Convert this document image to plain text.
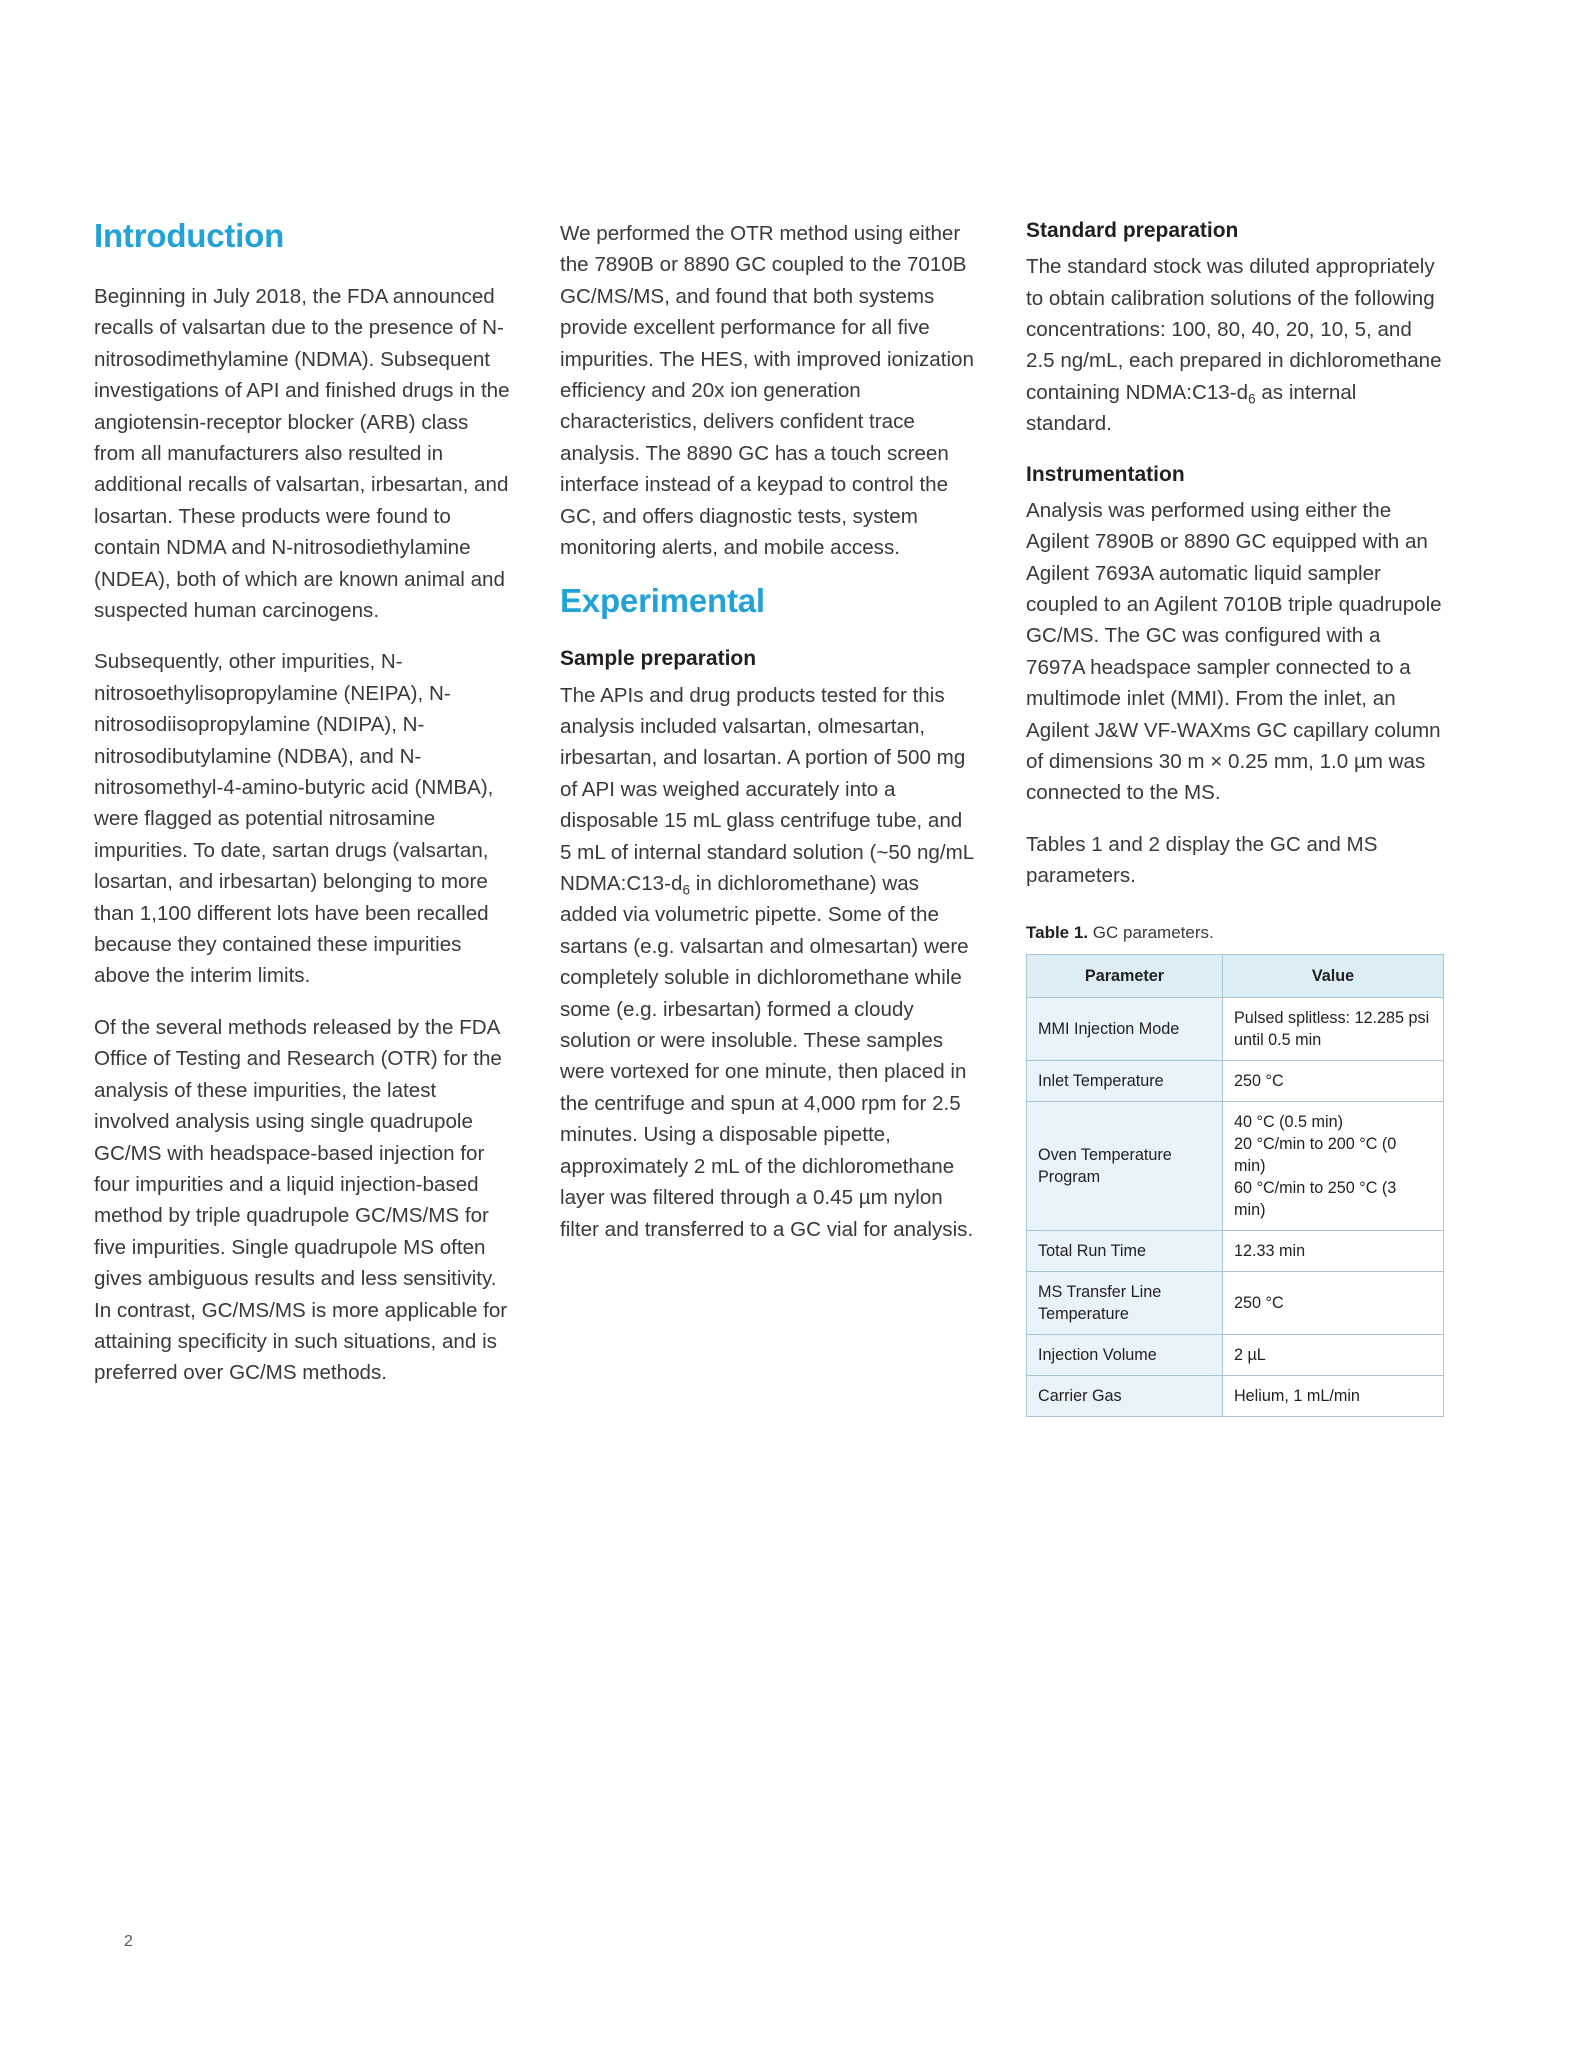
Introduction

Beginning in July 2018, the FDA announced recalls of valsartan due to the presence of N-nitrosodimethylamine (NDMA). Subsequent investigations of API and finished drugs in the angiotensin-receptor blocker (ARB) class from all manufacturers also resulted in additional recalls of valsartan, irbesartan, and losartan. These products were found to contain NDMA and N-nitrosodiethylamine (NDEA), both of which are known animal and suspected human carcinogens.

Subsequently, other impurities, N-nitrosoethylisopropylamine (NEIPA), N-nitrosodiisopropylamine (NDIPA), N-nitrosodibutylamine (NDBA), and N-nitrosomethyl-4-amino-butyric acid (NMBA), were flagged as potential nitrosamine impurities. To date, sartan drugs (valsartan, losartan, and irbesartan) belonging to more than 1,100 different lots have been recalled because they contained these impurities above the interim limits.

Of the several methods released by the FDA Office of Testing and Research (OTR) for the analysis of these impurities, the latest involved analysis using single quadrupole GC/MS with headspace-based injection for four impurities and a liquid injection-based method by triple quadrupole GC/MS/MS for five impurities. Single quadrupole MS often gives ambiguous results and less sensitivity. In contrast, GC/MS/MS is more applicable for attaining specificity in such situations, and is preferred over GC/MS methods.

We performed the OTR method using either the 7890B or 8890 GC coupled to the 7010B GC/MS/MS, and found that both systems provide excellent performance for all five impurities. The HES, with improved ionization efficiency and 20x ion generation characteristics, delivers confident trace analysis. The 8890 GC has a touch screen interface instead of a keypad to control the GC, and offers diagnostic tests, system monitoring alerts, and mobile access.

Experimental
Sample preparation

The APIs and drug products tested for this analysis included valsartan, olmesartan, irbesartan, and losartan. A portion of 500 mg of API was weighed accurately into a disposable 15 mL glass centrifuge tube, and 5 mL of internal standard solution (~50 ng/mL $NDMA:C13-d_6$ in dichloromethane) was added via volumetric pipette. Some of the sartans (e.g. valsartan and olmesartan) were completely soluble in dichloromethane while some (e.g. irbesartan) formed a cloudy solution or were insoluble. These samples were vortexed for one minute, then placed in the centrifuge and spun at 4,000 rpm for 2.5 minutes. Using a disposable pipette, approximately 2 mL of the dichloromethane layer was filtered through a 0.45 µm nylon filter and transferred to a GC vial for analysis.

Standard preparation

The standard stock was diluted appropriately to obtain calibration solutions of the following concentrations: 100, 80, 40, 20, 10, 5, and 2.5 ng/mL, each prepared in dichloromethane containing $NDMA:C13-d_6$ as internal standard.

Instrumentation

Analysis was performed using either the Agilent 7890B or 8890 GC equipped with an Agilent 7693A automatic liquid sampler coupled to an Agilent 7010B triple quadrupole GC/MS. The GC was configured with a 7697A headspace sampler connected to a multimode inlet (MMI). From the inlet, an Agilent J&W VF-WAXms GC capillary column of dimensions 30 m × 0.25 mm, 1.0 µm was connected to the MS.

Tables 1 and 2 display the GC and MS parameters.

Table 1. GC parameters.
Parameter	Value
MMI Injection Mode	Pulsed splitless: 12.285 psi
until 0.5 min

Inlet Temperature	250 °C

Oven Temperature Program	40 °C (0.5 min)
20 °C/min to 200 °C (0 min)
60 °C/min to 250 °C (3 min)

Total Run Time	12.33 min

MS Transfer Line Temperature	250 °C

Injection Volume	2 µL

Carrier Gas	Helium, 1 mL/min
2
